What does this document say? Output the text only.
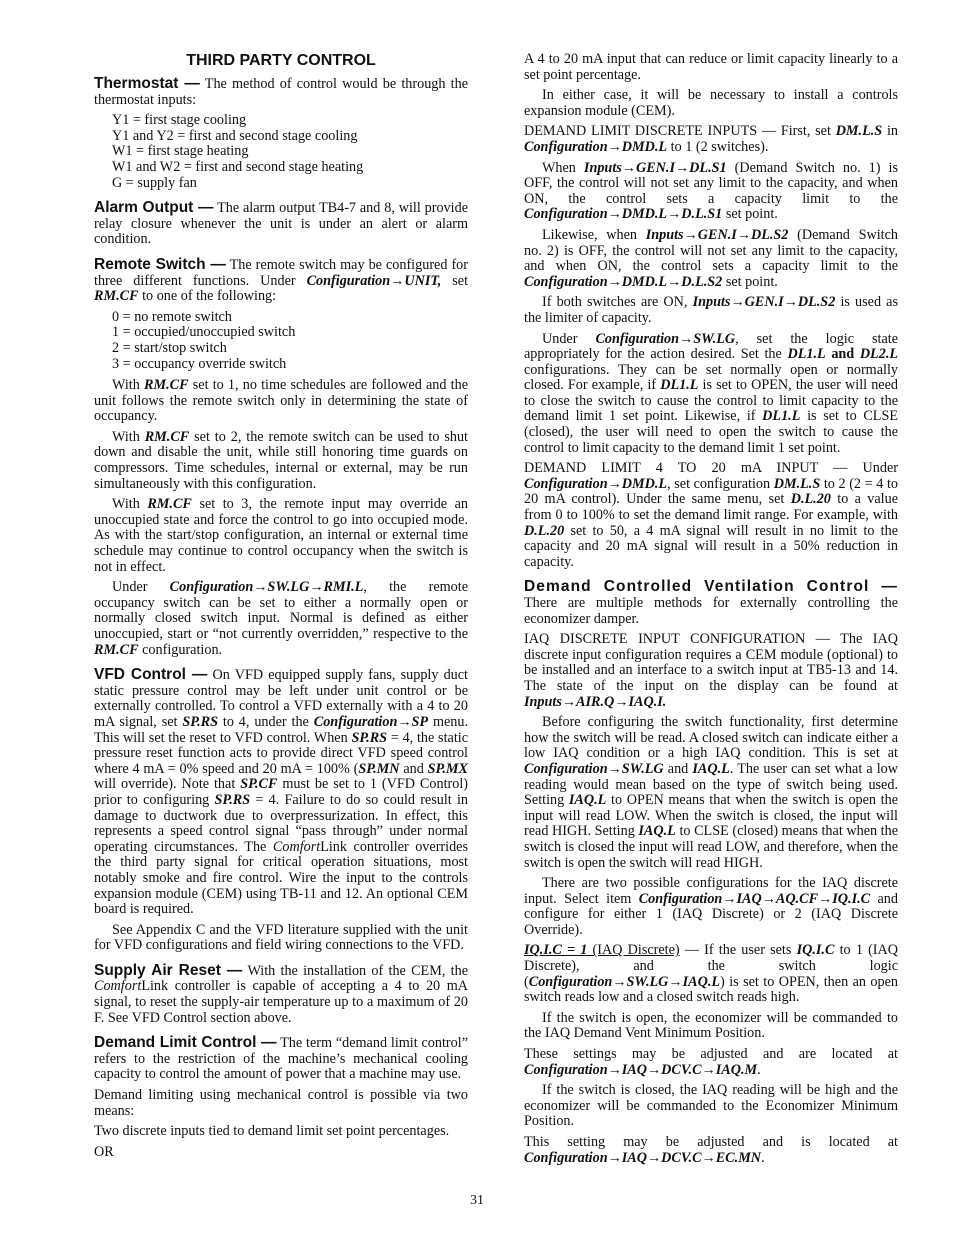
THIRD PARTY CONTROL

Thermostat — The method of control would be through the thermostat inputs:

Y1 = first stage cooling
Y1 and Y2 = first and second stage cooling
W1 = first stage heating
W1 and W2 = first and second stage heating
G = supply fan

Alarm Output — The alarm output TB4-7 and 8, will provide relay closure whenever the unit is under an alert or alarm condition.

Remote Switch — The remote switch may be configured for three different functions. Under Configuration→UNIT, set RM.CF to one of the following:

0 = no remote switch
1 = occupied/unoccupied switch
2 = start/stop switch
3 = occupancy override switch

With RM.CF set to 1, no time schedules are followed and the unit follows the remote switch only in determining the state of occupancy.

With RM.CF set to 2, the remote switch can be used to shut down and disable the unit, while still honoring time guards on compressors. Time schedules, internal or external, may be run simultaneously with this configuration.

With RM.CF set to 3, the remote input may override an unoccupied state and force the control to go into occupied mode. As with the start/stop configuration, an internal or external time schedule may continue to control occupancy when the switch is not in effect.

Under Configuration→SW.LG→RMI.L, the remote occupancy switch can be set to either a normally open or normally closed switch input. Normal is defined as either unoccupied, start or “not currently overridden,” respective to the RM.CF configuration.

VFD Control — On VFD equipped supply fans, supply duct static pressure control may be left under unit control or be externally controlled. To control a VFD externally with a 4 to 20 mA signal, set SP.RS to 4, under the Configuration→SP menu. This will set the reset to VFD control. When SP.RS = 4, the static pressure reset function acts to provide direct VFD speed control where 4 mA = 0% speed and 20 mA = 100% (SP.MN and SP.MX will override). Note that SP.CF must be set to 1 (VFD Control) prior to configuring SP.RS = 4. Failure to do so could result in damage to ductwork due to overpressurization. In effect, this represents a speed control signal “pass through” under normal operating circumstances. The ComfortLink controller overrides the third party signal for critical operation situations, most notably smoke and fire control. Wire the input to the controls expansion module (CEM) using TB-11 and 12. An optional CEM board is required.

See Appendix C and the VFD literature supplied with the unit for VFD configurations and field wiring connections to the VFD.

Supply Air Reset — With the installation of the CEM, the ComfortLink controller is capable of accepting a 4 to 20 mA signal, to reset the supply-air temperature up to a maximum of 20 F. See VFD Control section above.

Demand Limit Control — The term “demand limit control” refers to the restriction of the machine’s mechanical cooling capacity to control the amount of power that a machine may use.

Demand limiting using mechanical control is possible via two means:

Two discrete inputs tied to demand limit set point percentages.

OR

A 4 to 20 mA input that can reduce or limit capacity linearly to a set point percentage.

In either case, it will be necessary to install a controls expansion module (CEM).

DEMAND LIMIT DISCRETE INPUTS — First, set DM.L.S in Configuration→DMD.L to 1 (2 switches).

When Inputs→GEN.I→DL.S1 (Demand Switch no. 1) is OFF, the control will not set any limit to the capacity, and when ON, the control sets a capacity limit to the Configuration→DMD.L→D.L.S1 set point.

Likewise, when Inputs→GEN.I→DL.S2 (Demand Switch no. 2) is OFF, the control will not set any limit to the capacity, and when ON, the control sets a capacity limit to the Configuration→DMD.L→D.L.S2 set point.

If both switches are ON, Inputs→GEN.I→DL.S2 is used as the limiter of capacity.

Under Configuration→SW.LG, set the logic state appropriately for the action desired. Set the DL1.L and DL2.L configurations. They can be set normally open or normally closed. For example, if DL1.L is set to OPEN, the user will need to close the switch to cause the control to limit capacity to the demand limit 1 set point. Likewise, if DL1.L is set to CLSE (closed), the user will need to open the switch to cause the control to limit capacity to the demand limit 1 set point.

DEMAND LIMIT 4 TO 20 mA INPUT — Under Configuration→DMD.L, set configuration DM.L.S to 2 (2 = 4 to 20 mA control). Under the same menu, set D.L.20 to a value from 0 to 100% to set the demand limit range. For example, with D.L.20 set to 50, a 4 mA signal will result in no limit to the capacity and 20 mA signal will result in a 50% reduction in capacity.

Demand Controlled Ventilation Control — There are multiple methods for externally controlling the economizer damper.

IAQ DISCRETE INPUT CONFIGURATION — The IAQ discrete input configuration requires a CEM module (optional) to be installed and an interface to a switch input at TB5-13 and 14. The state of the input on the display can be found at Inputs→AIR.Q→IAQ.I.

Before configuring the switch functionality, first determine how the switch will be read. A closed switch can indicate either a low IAQ condition or a high IAQ condition. This is set at Configuration→SW.LG and IAQ.L. The user can set what a low reading would mean based on the type of switch being used. Setting IAQ.L to OPEN means that when the switch is open the input will read LOW. When the switch is closed, the input will read HIGH. Setting IAQ.L to CLSE (closed) means that when the switch is closed the input will read LOW, and therefore, when the switch is open the switch will read HIGH.

There are two possible configurations for the IAQ discrete input. Select item Configuration→IAQ→AQ.CF→IQ.I.C and configure for either 1 (IAQ Discrete) or 2 (IAQ Discrete Override).

IQ.I.C = 1 (IAQ Discrete) — If the user sets IQ.I.C to 1 (IAQ Discrete), and the switch logic (Configuration→SW.LG→IAQ.L) is set to OPEN, then an open switch reads low and a closed switch reads high.

If the switch is open, the economizer will be commanded to the IAQ Demand Vent Minimum Position.

These settings may be adjusted and are located at Configuration→IAQ→DCV.C→IAQ.M.

If the switch is closed, the IAQ reading will be high and the economizer will be commanded to the Economizer Minimum Position.

This setting may be adjusted and is located at Configuration→IAQ→DCV.C→EC.MN.

31
